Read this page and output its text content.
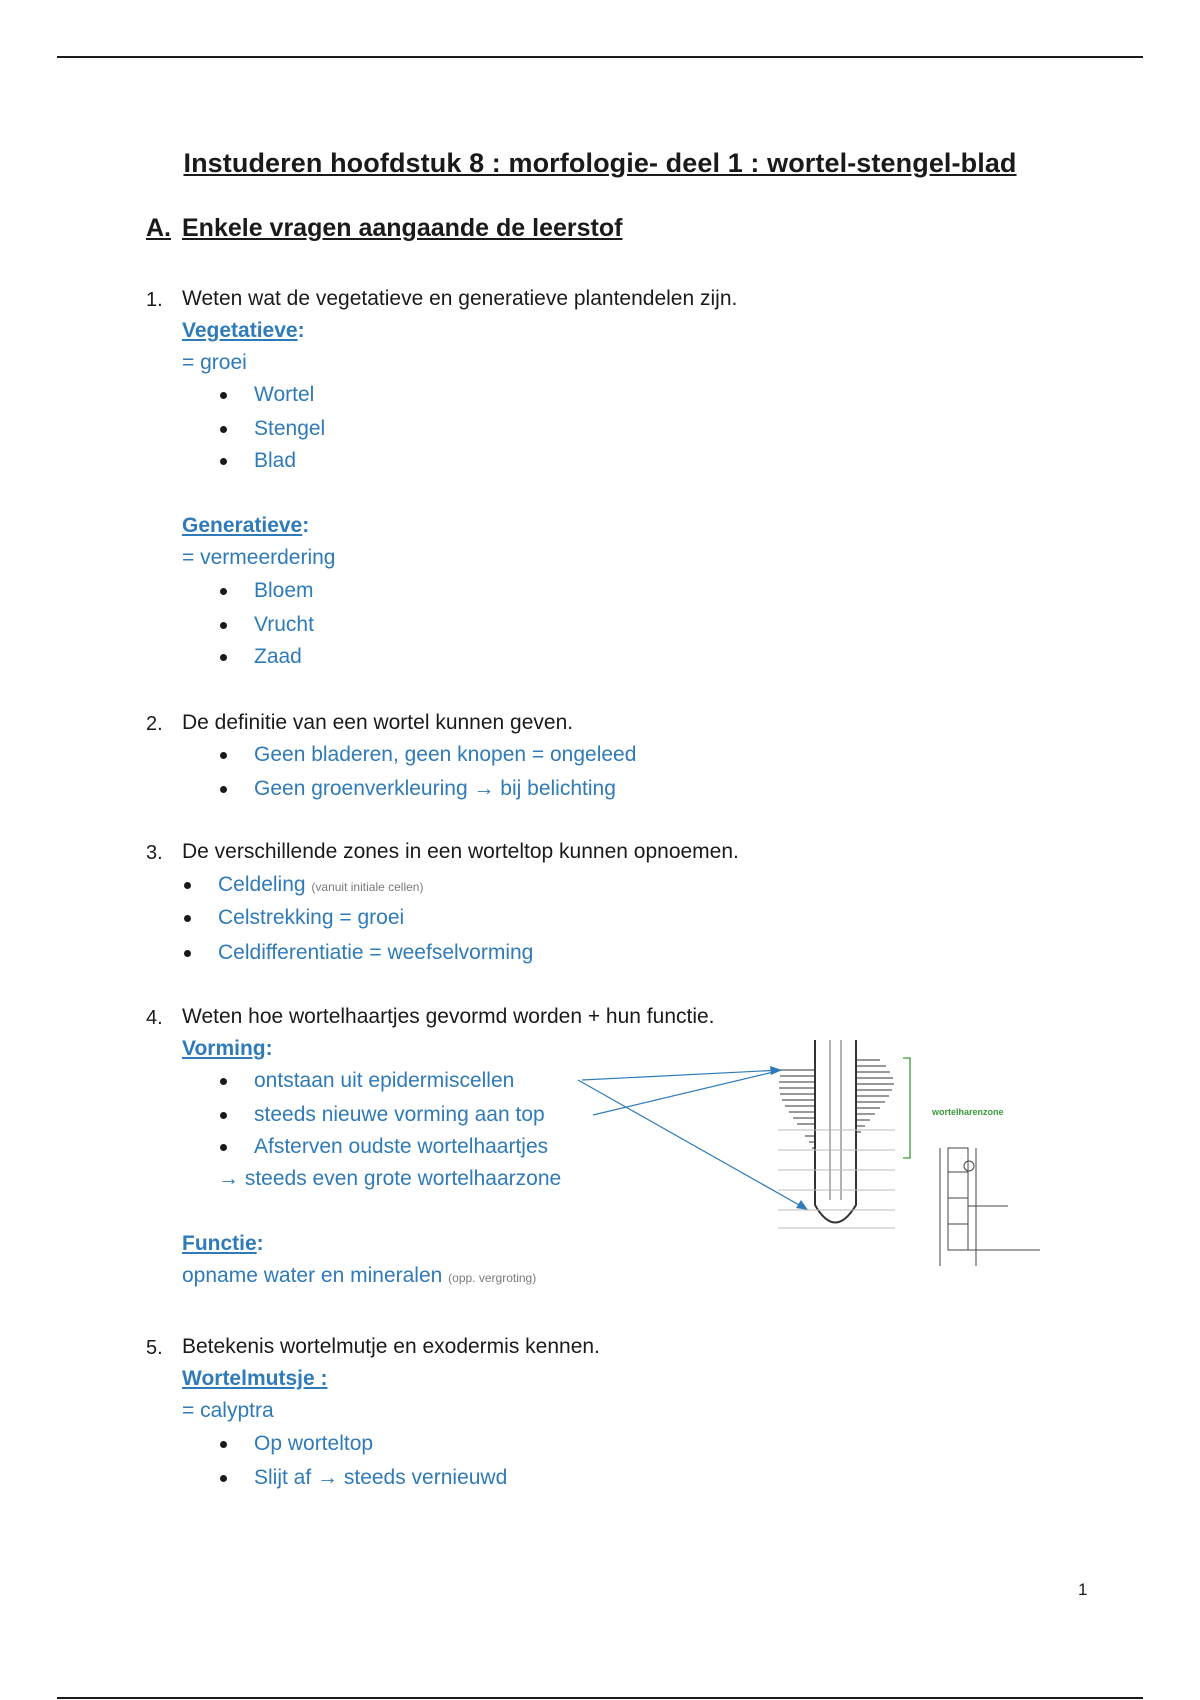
Instuderen hoofdstuk 8 : morfologie- deel 1 : wortel-stengel-blad
A. Enkele vragen aangaande de leerstof
1. Weten wat de vegetatieve en generatieve plantendelen zijn.
Vegetatieve:
= groei
Wortel
Stengel
Blad
Generatieve:
= vermeerdering
Bloem
Vrucht
Zaad
2. De definitie van een wortel kunnen geven.
Geen bladeren, geen knopen = ongeleed
Geen groenverkleuring → bij belichting
3. De verschillende zones in een worteltop kunnen opnoemen.
Celdeling (vanuit initiale cellen)
Celstrekking = groei
Celdifferentiatie = weefselvorming
4. Weten hoe wortelhaartjes gevormd worden + hun functie.
Vorming:
ontstaan uit epidermiscellen
steeds nieuwe vorming aan top
Afsterven oudste wortelhaartjes
→ steeds even grote wortelhaarzone
Functie:
opname water en mineralen (opp. vergroting)
·
wortelharenzone
5. Betekenis wortelmutje en exodermis kennen.
Wortelmutsje :
= calyptra
Op worteltop
Slijt af → steeds vernieuwd
1
